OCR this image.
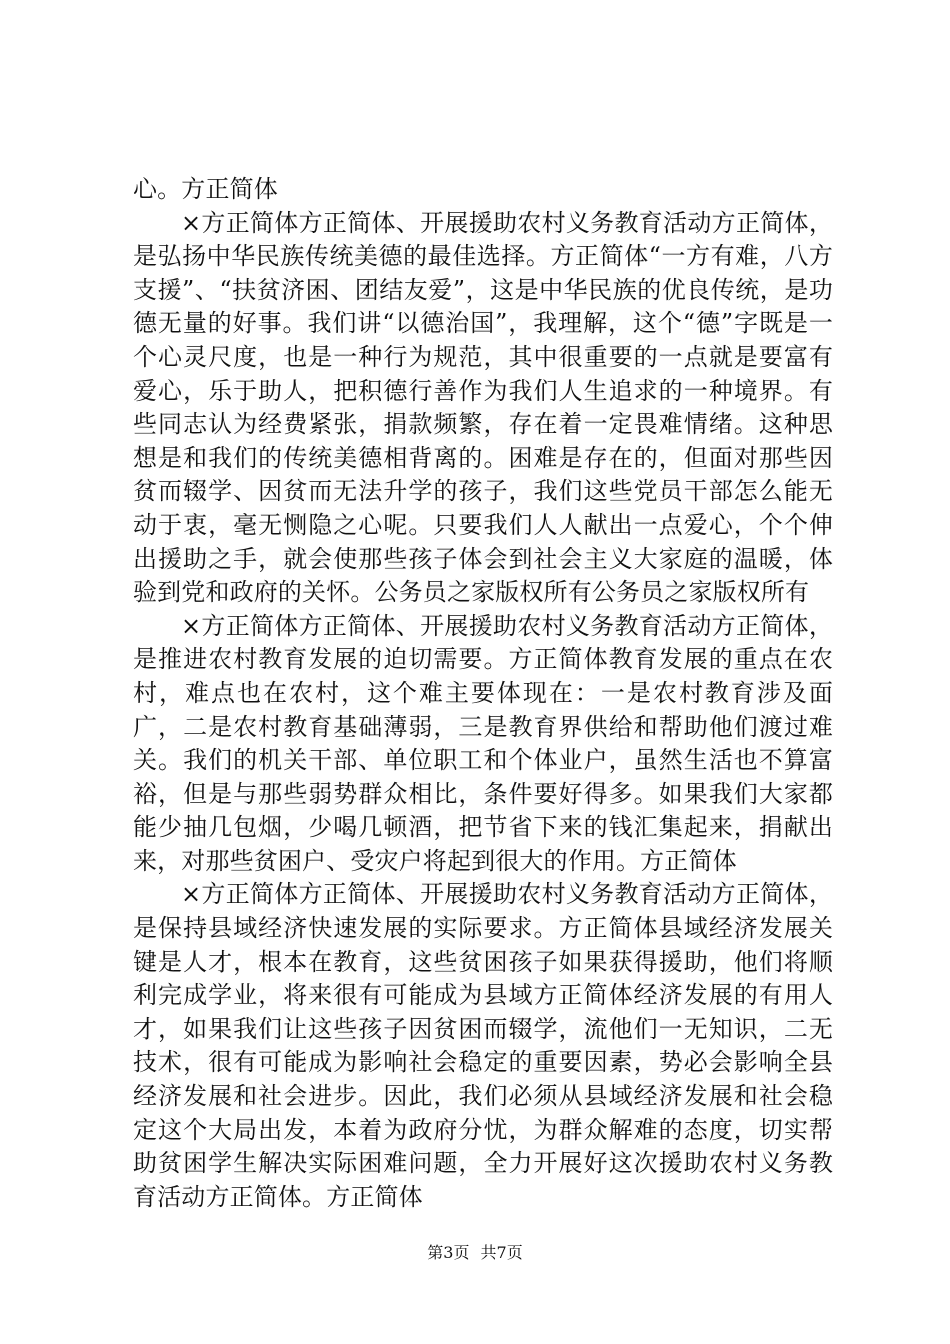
心。方正简体

×方正简体方正简体、开展援助农村义务教育活动方正简体，是弘扬中华民族传统美德的最佳选择。方正简体“一方有难，八方支援”、“扶贫济困、团结友爱”，这是中华民族的优良传统，是功德无量的好事。我们讲“以德治国”，我理解，这个“德”字既是一个心灵尺度，也是一种行为规范，其中很重要的一点就是要富有爱心，乐于助人，把积德行善作为我们人生追求的一种境界。有些同志认为经费紧张，捐款频繁，存在着一定畏难情绪。这种思想是和我们的传统美德相背离的。困难是存在的，但面对那些因贫而辍学、因贫而无法升学的孩子，我们这些党员干部怎么能无动于衷，毫无恻隐之心呢。只要我们人人献出一点爱心，个个伸出援助之手，就会使那些孩子体会到社会主义大家庭的温暖，体验到党和政府的关怀。公务员之家版权所有公务员之家版权所有

×方正简体方正简体、开展援助农村义务教育活动方正简体，是推进农村教育发展的迫切需要。方正简体教育发展的重点在农村，难点也在农村，这个难主要体现在：一是农村教育涉及面广，二是农村教育基础薄弱，三是教育界供给和帮助他们渡过难关。我们的机关干部、单位职工和个体业户，虽然生活也不算富裕，但是与那些弱势群众相比，条件要好得多。如果我们大家都能少抽几包烟，少喝几顿酒，把节省下来的钱汇集起来，捐献出来，对那些贫困户、受灾户将起到很大的作用。方正简体

×方正简体方正简体、开展援助农村义务教育活动方正简体，是保持县域经济快速发展的实际要求。方正简体县域经济发展关键是人才，根本在教育，这些贫困孩子如果获得援助，他们将顺利完成学业，将来很有可能成为县域方正简体经济发展的有用人才，如果我们让这些孩子因贫困而辍学，流他们一无知识，二无技术，很有可能成为影响社会稳定的重要因素，势必会影响全县经济发展和社会进步。因此，我们必须从县域经济发展和社会稳定这个大局出发，本着为政府分忧，为群众解难的态度，切实帮助贫困学生解决实际困难问题，全力开展好这次援助农村义务教育活动方正简体。方正简体

第3页 共7页
